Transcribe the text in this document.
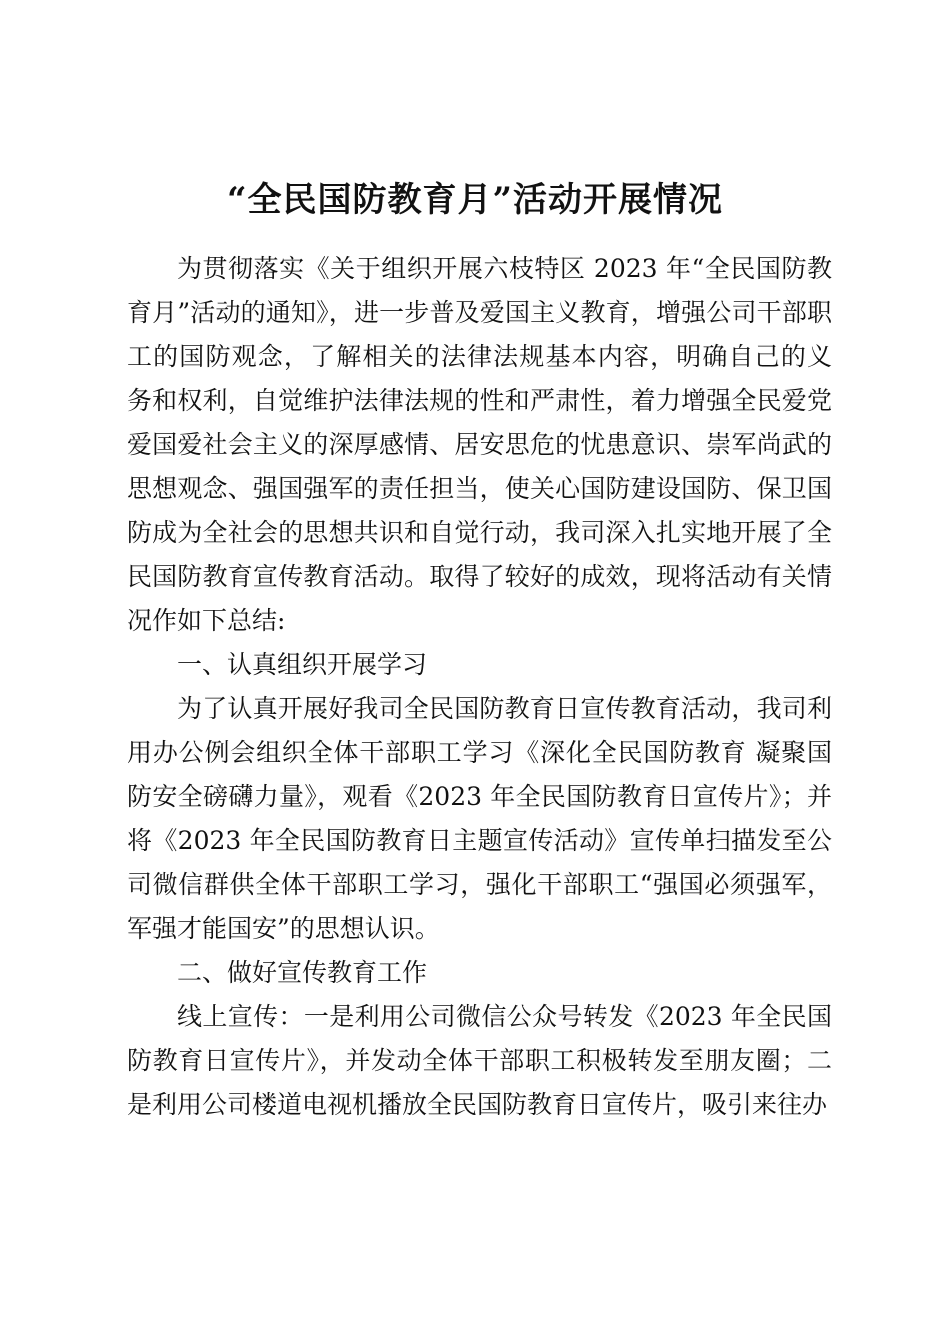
“全民国防教育月”活动开展情况

为贯彻落实《关于组织开展六枝特区 2023 年“全民国防教育月”活动的通知》，进一步普及爱国主义教育，增强公司干部职工的国防观念，了解相关的法律法规基本内容，明确自己的义 务和权利，自觉维护法律法规的性和严肃性，着力增强全民爱党爱国爱社会主义的深厚感情、居安思危的忧患意识、崇军尚武的思想观念、强国强军的责任担当，使关心国防建设国防、保卫国 防成为全社会的思想共识和自觉行动，我司深入扎实地开展了全民国防教育宣传教育活动。取得了较好的成效，现将活动有关情况作如下总结:

一、认真组织开展学习

为了认真开展好我司全民国防教育日宣传教育活动，我司利用办公例会组织全体干部职工学习《深化全民国防教育 凝聚国防安全磅礴力量》，观看《2023 年全民国防教育日宣传片》；并将《2023 年全民国防教育日主题宣传活动》宣传单扫描发至公司微信群供全体干部职工学习，强化干部职工“强国必须强军，军强才能国安”的思想认识。

二、做好宣传教育工作

线上宣传：一是利用公司微信公众号转发《2023 年全民国防教育日宣传片》，并发动全体干部职工积极转发至朋友圈；二是利用公司楼道电视机播放全民国防教育日宣传片，吸引来往办
